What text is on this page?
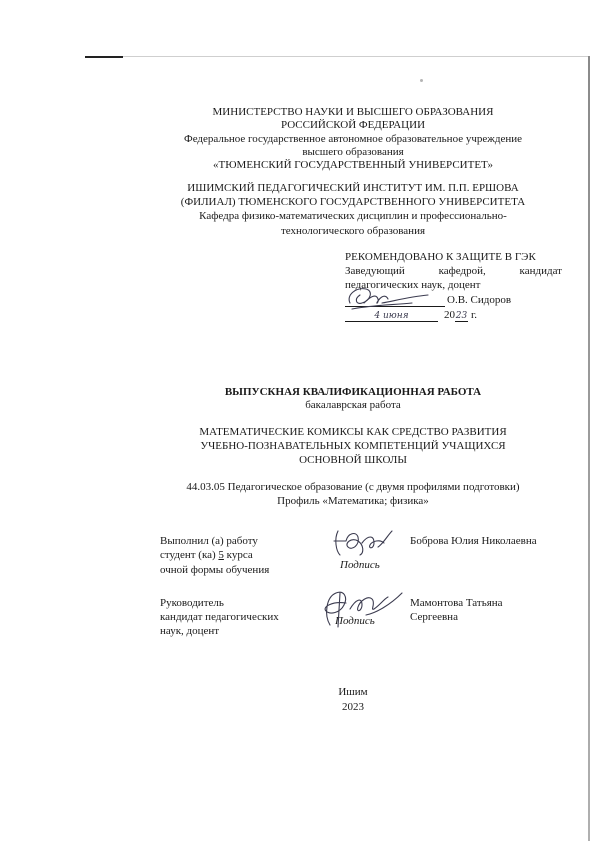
МИНИСТЕРСТВО НАУКИ И ВЫСШЕГО ОБРАЗОВАНИЯ
РОССИЙСКОЙ ФЕДЕРАЦИИ
Федеральное государственное автономное образовательное учреждение
высшего образования
«ТЮМЕНСКИЙ ГОСУДАРСТВЕННЫЙ УНИВЕРСИТЕТ»
ИШИМСКИЙ ПЕДАГОГИЧЕСКИЙ ИНСТИТУТ ИМ. П.П. ЕРШОВА
(ФИЛИАЛ) ТЮМЕНСКОГО ГОСУДАРСТВЕННОГО УНИВЕРСИТЕТА
Кафедра физико-математических дисциплин и профессионально-
технологического образования
РЕКОМЕНДОВАНО К ЗАЩИТЕ В ГЭК
Заведующий кафедрой, кандидат
педагогических наук, доцент
О.В. Сидоров
4 июня	20 23 г.
ВЫПУСКНАЯ КВАЛИФИКАЦИОННАЯ РАБОТА
бакалаврская работа
МАТЕМАТИЧЕСКИЕ КОМИКСЫ КАК СРЕДСТВО РАЗВИТИЯ
УЧЕБНО-ПОЗНАВАТЕЛЬНЫХ КОМПЕТЕНЦИЙ УЧАЩИХСЯ
ОСНОВНОЙ ШКОЛЫ
44.03.05 Педагогическое образование (с двумя профилями подготовки)
Профиль «Математика; физика»
Выполнил (а) работу
студент (ка) 5 курса
очной формы обучения	Подпись
Боброва Юлия Николаевна
Руководитель
кандидат педагогических
наук, доцент
Подпись
Мамонтова Татьяна
Сергеевна
Ишим
2023
